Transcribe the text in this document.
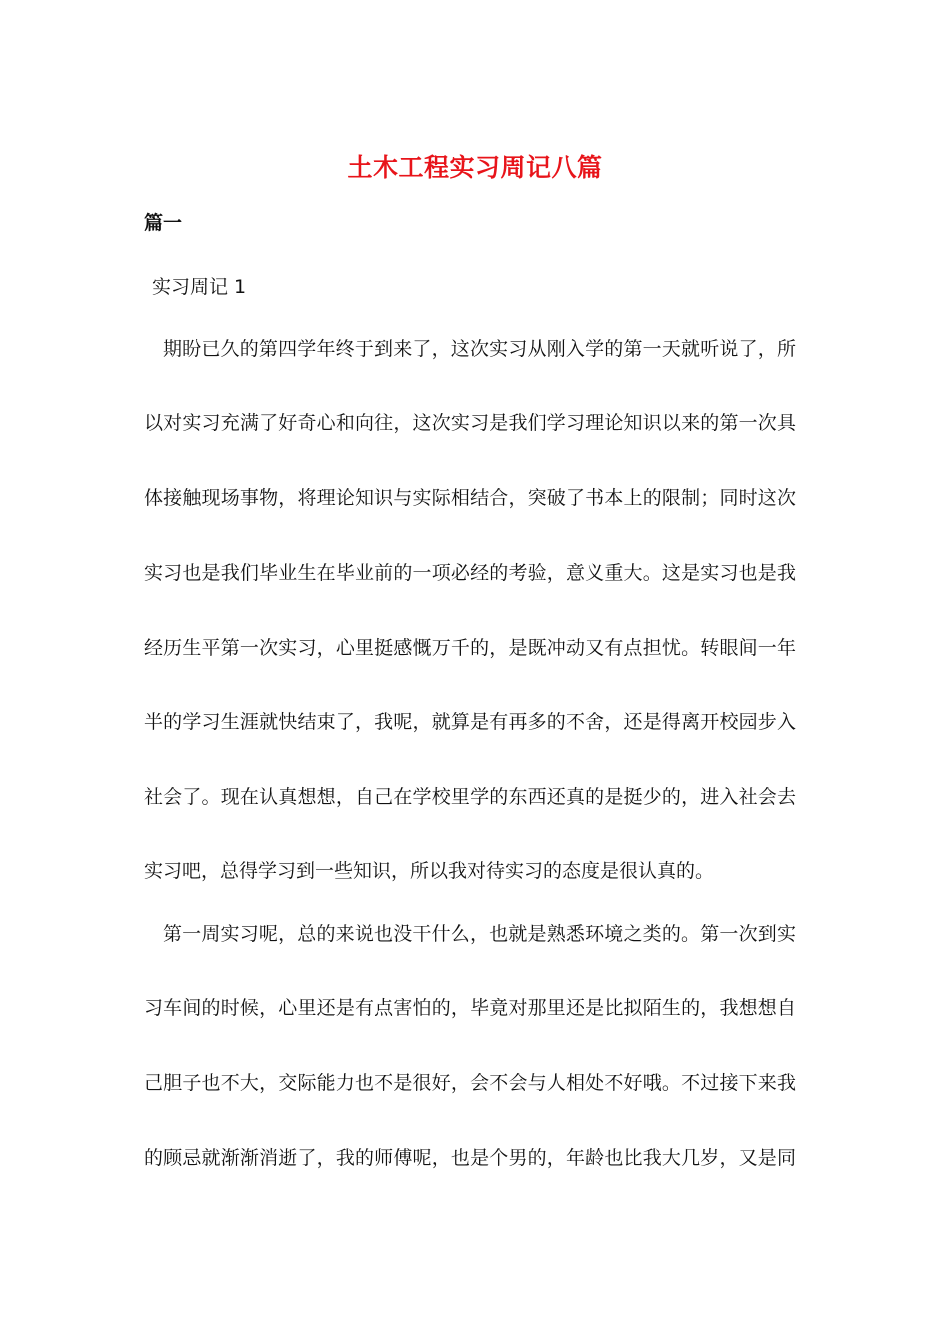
土木工程实习周记八篇
篇一
实习周记 1
期盼已久的第四学年终于到来了，这次实习从刚入学的第一天就听说了，所
以对实习充满了好奇心和向往，这次实习是我们学习理论知识以来的第一次具
体接触现场事物，将理论知识与实际相结合，突破了书本上的限制；同时这次
实习也是我们毕业生在毕业前的一项必经的考验，意义重大。这是实习也是我
经历生平第一次实习，心里挺感慨万千的，是既冲动又有点担忧。转眼间一年
半的学习生涯就快结束了，我呢，就算是有再多的不舍，还是得离开校园步入
社会了。现在认真想想，自己在学校里学的东西还真的是挺少的，进入社会去
实习吧，总得学习到一些知识，所以我对待实习的态度是很认真的。
第一周实习呢，总的来说也没干什么，也就是熟悉环境之类的。第一次到实
习车间的时候，心里还是有点害怕的，毕竟对那里还是比拟陌生的，我想想自
己胆子也不大，交际能力也不是很好，会不会与人相处不好哦。不过接下来我
的顾忌就渐渐消逝了，我的师傅呢，也是个男的，年龄也比我大几岁，又是同
